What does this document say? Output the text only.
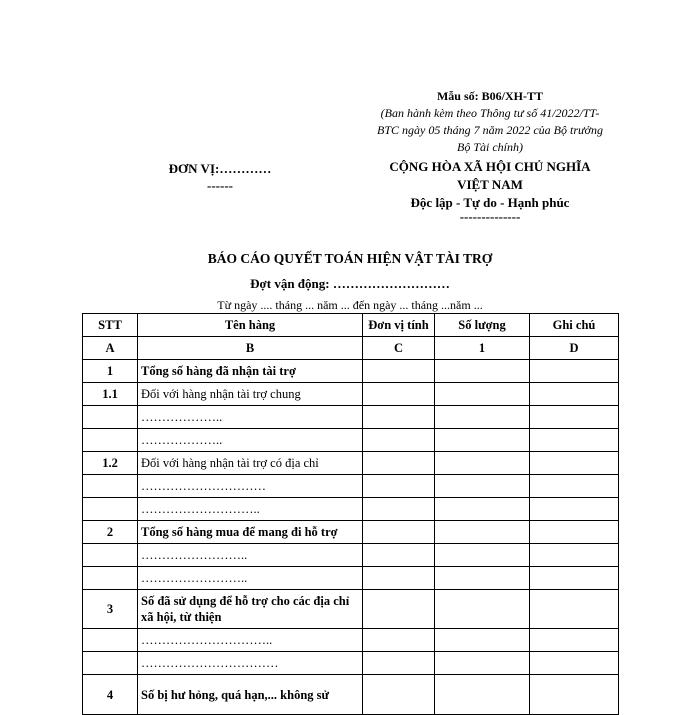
Mẫu số: B06/XH-TT
(Ban hành kèm theo Thông tư số 41/2022/TT-
BTC ngày 05 tháng 7 năm 2022 của Bộ trưởng
Bộ Tài chính)
ĐƠN VỊ:…………
------
CỘNG HÒA XÃ HỘI CHỦ NGHĨA
VIỆT NAM
Độc lập - Tự do - Hạnh phúc
--------------
BÁO CÁO QUYẾT TOÁN HIỆN VẬT TÀI TRỢ
Đợt vận động: ………………………
Từ ngày .... tháng ... năm ... đến ngày ... tháng ...năm ...
STT	Tên hàng	Đơn vị tính	Số lượng	Ghi chú
A	B	C	1	D
1	Tổng số hàng đã nhận tài trợ			
1.1	Đối với hàng nhận tài trợ chung			
	………………..			
	………………..			
1.2	Đối với hàng nhận tài trợ có địa chỉ			
	…………………………			
	………………………..			
2	Tổng số hàng mua để mang đi hỗ trợ			
	……………………..			
	……………………..			
3	Số đã sử dụng để hỗ trợ cho các địa chỉ xã hội, từ thiện			
	…………………………..			
	……………………………			
4	Số bị hư hỏng, quá hạn,... không sử			
